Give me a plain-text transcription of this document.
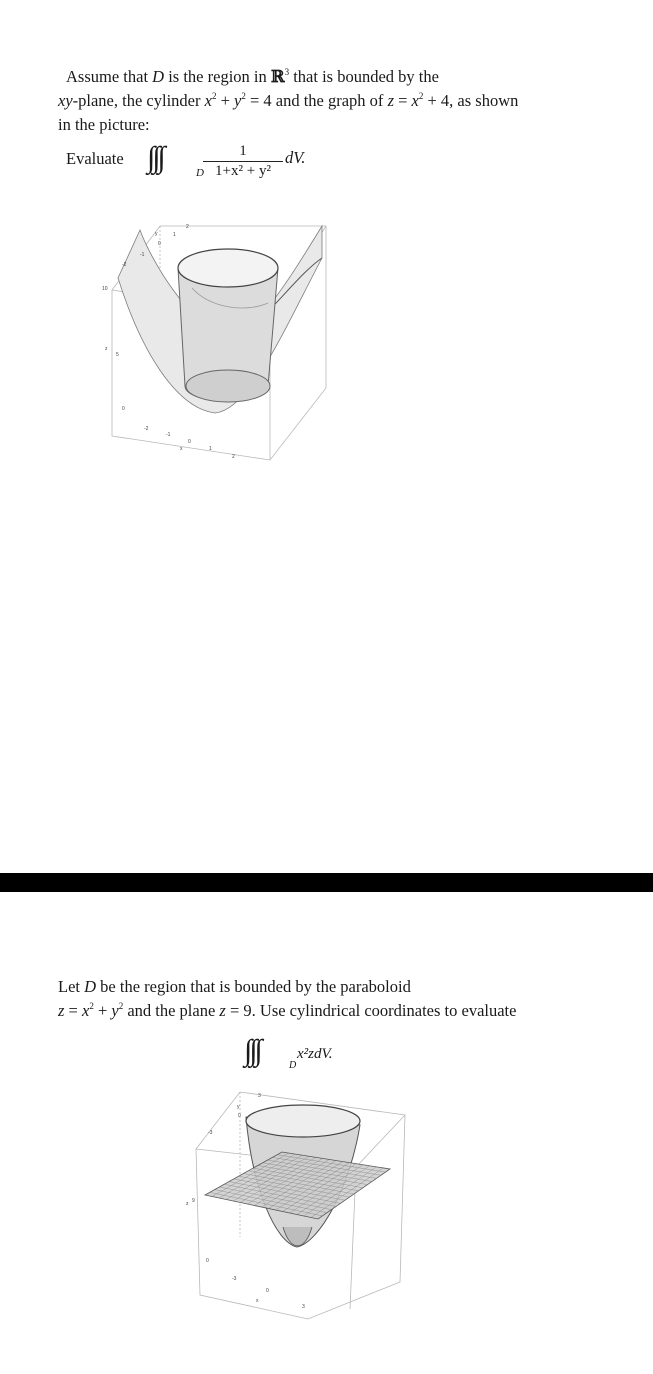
Assume that D is the region in ℝ$^3$ that is bounded by the
xy-plane, the cylinder $x^2 + y^2 = 4$ and the graph of $z = x^2 + 4$, as shown
in the picture:
Evaluate ∫∫∫	D $\frac{1}{\text{1+x² + y²}}$ dV.
y
-2
-1
0
1
2
10
5
0
z
-2
-1
0
1
2
x
Let D be the region that is bounded by the paraboloid
$z = x^2 + y^2$ and the plane z = 9. Use cylindrical coordinates to evaluate
∫∫∫	D
x²zdV.
y
-3
0
3
z 9
0
-3
0
3
x
